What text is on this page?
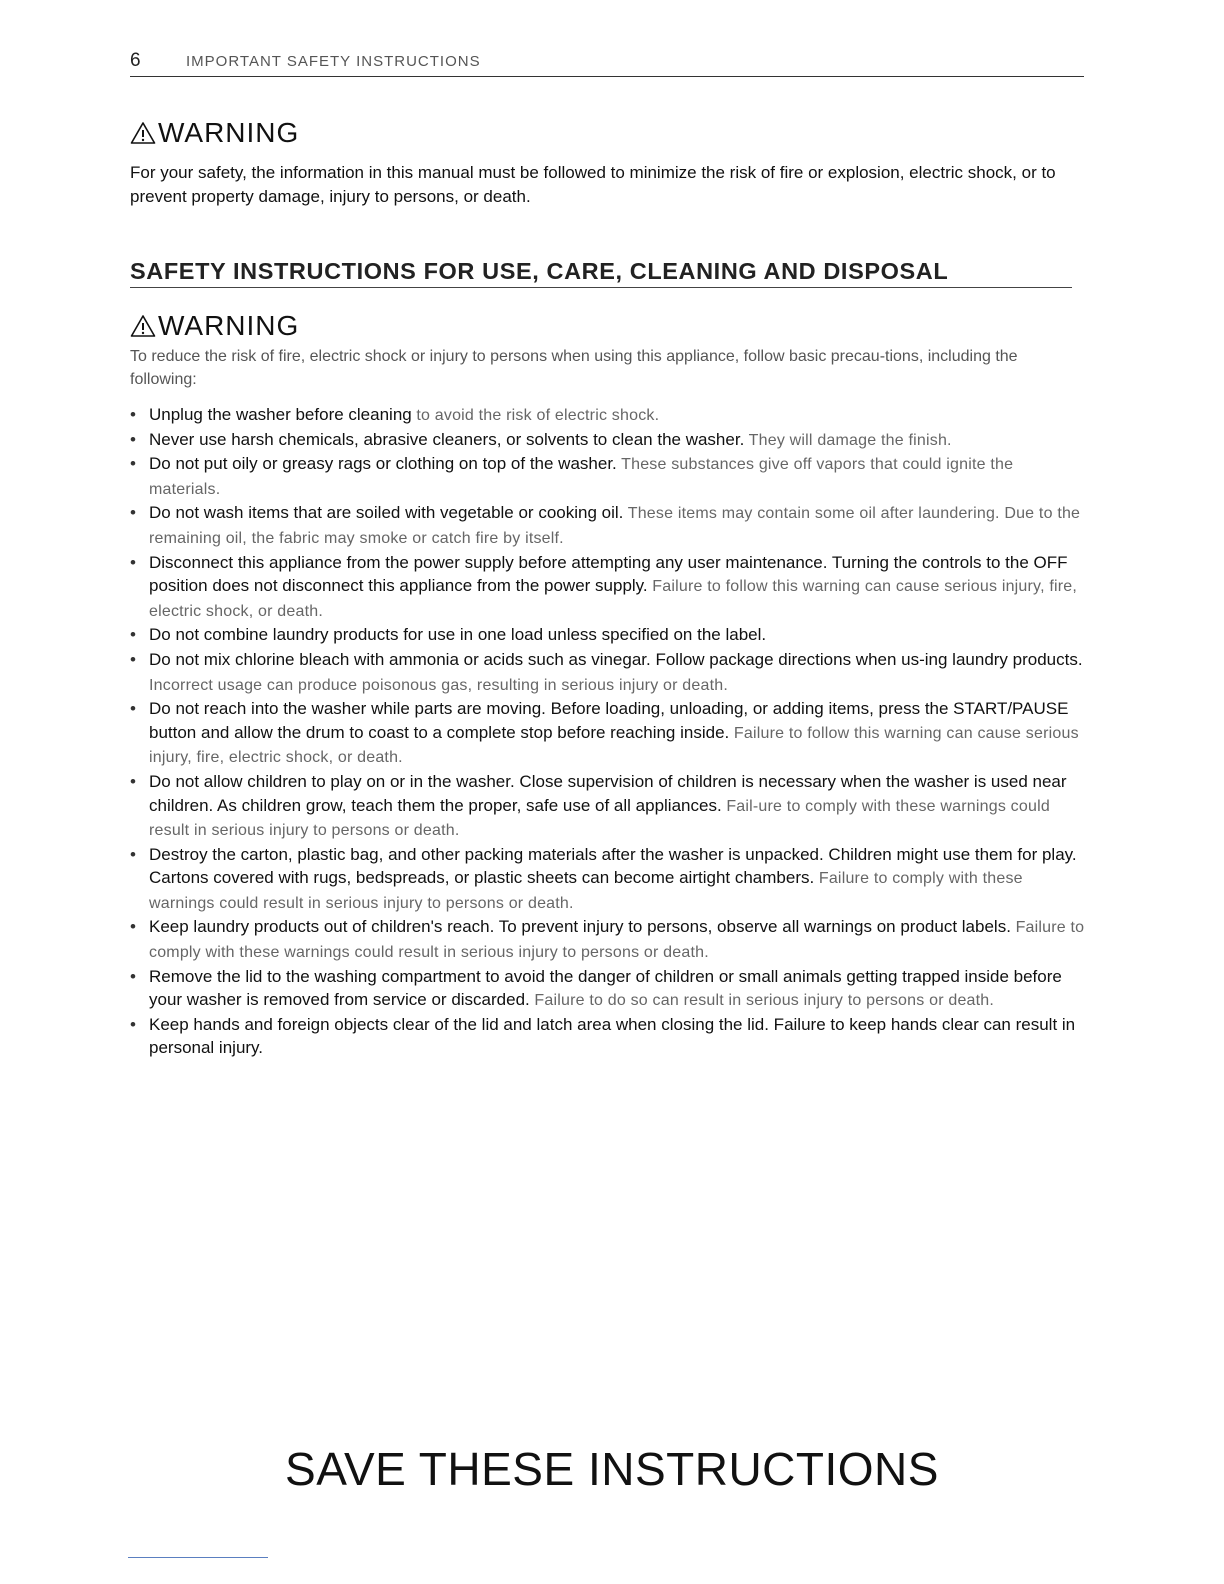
6	IMPORTANT SAFETY INSTRUCTIONS
WARNING
For your safety, the information in this manual must be followed to minimize the risk of fire or explosion, electric shock, or to prevent property damage, injury to persons, or death.
SAFETY INSTRUCTIONS FOR USE, CARE, CLEANING AND DISPOSAL
WARNING
To reduce the risk of fire, electric shock or injury to persons when using this appliance, follow basic precau-tions, including the following:
• Unplug the washer before cleaning to avoid the risk of electric shock.
• Never use harsh chemicals, abrasive cleaners, or solvents to clean the washer. They will damage the finish.
• Do not put oily or greasy rags or clothing on top of the washer. These substances give off vapors that could ignite the materials.
• Do not wash items that are soiled with vegetable or cooking oil. These items may contain some oil after laundering. Due to the remaining oil, the fabric may smoke or catch fire by itself.
• Disconnect this appliance from the power supply before attempting any user maintenance. Turning the controls to the OFF position does not disconnect this appliance from the power supply. Failure to follow this warning can cause serious injury, fire, electric shock, or death.
• Do not combine laundry products for use in one load unless specified on the label.
• Do not mix chlorine bleach with ammonia or acids such as vinegar. Follow package directions when us-ing laundry products. Incorrect usage can produce poisonous gas, resulting in serious injury or death.
• Do not reach into the washer while parts are moving. Before loading, unloading, or adding items, press the START/PAUSE button and allow the drum to coast to a complete stop before reaching inside. Failure to follow this warning can cause serious injury, fire, electric shock, or death.
• Do not allow children to play on or in the washer. Close supervision of children is necessary when the washer is used near children. As children grow, teach them the proper, safe use of all appliances. Fail-ure to comply with these warnings could result in serious injury to persons or death.
• Destroy the carton, plastic bag, and other packing materials after the washer is unpacked. Children might use them for play. Cartons covered with rugs, bedspreads, or plastic sheets can become airtight chambers. Failure to comply with these warnings could result in serious injury to persons or death.
• Keep laundry products out of children's reach. To prevent injury to persons, observe all warnings on product labels. Failure to comply with these warnings could result in serious injury to persons or death.
• Remove the lid to the washing compartment to avoid the danger of children or small animals getting trapped inside before your washer is removed from service or discarded. Failure to do so can result in serious injury to persons or death.
• Keep hands and foreign objects clear of the lid and latch area when closing the lid. Failure to keep hands clear can result in personal injury.
SAVE THESE INSTRUCTIONS
